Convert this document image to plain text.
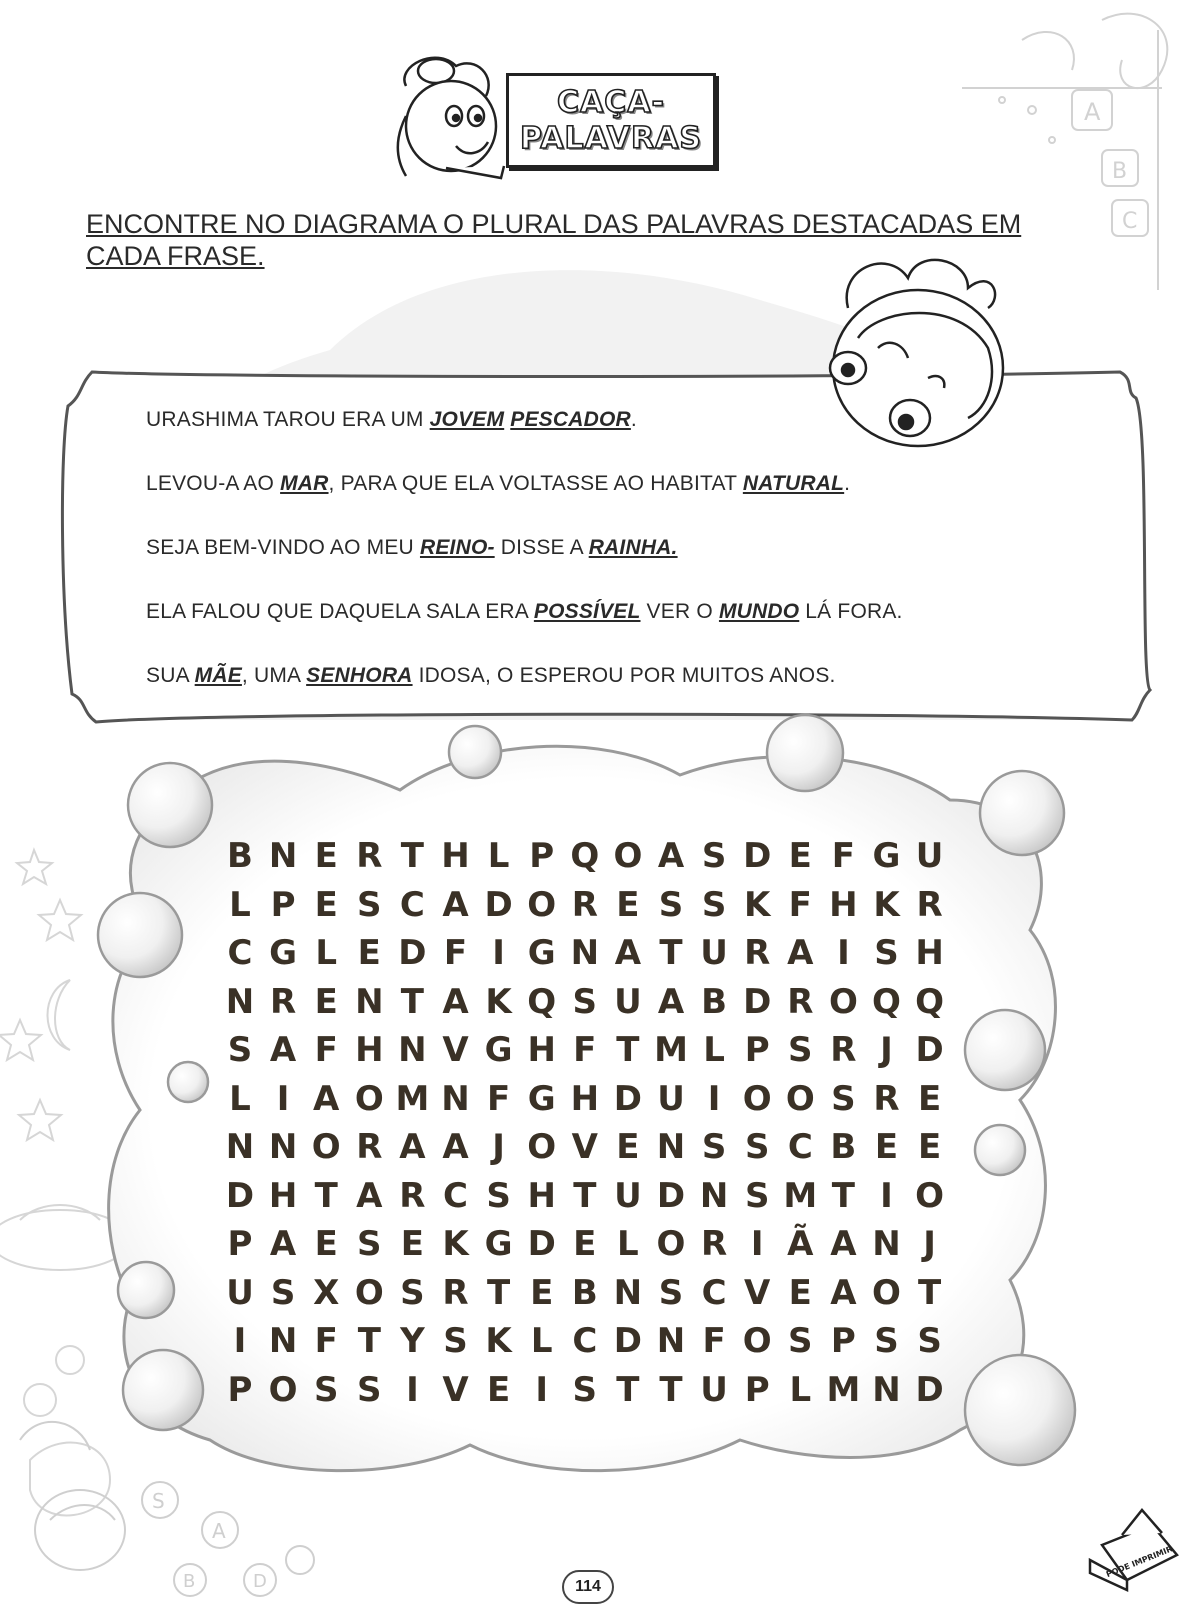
A
B
C
CAÇA-
PALAVRAS

ENCONTRE NO DIAGRAMA O PLURAL DAS PALAVRAS DESTACADAS EM CADA FRASE.

URASHIMA TAROU ERA UM JOVEM PESCADOR.
LEVOU-A AO MAR, PARA QUE ELA VOLTASSE AO HABITAT NATURAL.
SEJA BEM-VINDO AO MEU REINO- DISSE A RAINHA.
ELA FALOU QUE DAQUELA SALA ERA POSSÍVEL VER O MUNDO LÁ FORA.
SUA MÃE, UMA SENHORA IDOSA, O ESPEROU POR MUITOS ANOS.
B N E R T H L P Q O A S D E F G U
L P E S C A D O R E S S K F H K R
C G L E D F I G N A T U R A I S H
N R E N T A K Q S U A B D R O Q Q
S A F H N V G H F T M L P S R J D
L I A O M N F G H D U I O O S R E
N N O R A A J O V E N S S C B E E
D H T A R C S H T U D N S M T I O
P A E S E K G D E L O R I Ã A N J
U S X O S R T E B N S C V E A O T
I N F T Y S K L C D N F O S P S S
P O S S I V E I S T T U P L M N D
S
A
B	D	114
PODE IMPRIMIR
